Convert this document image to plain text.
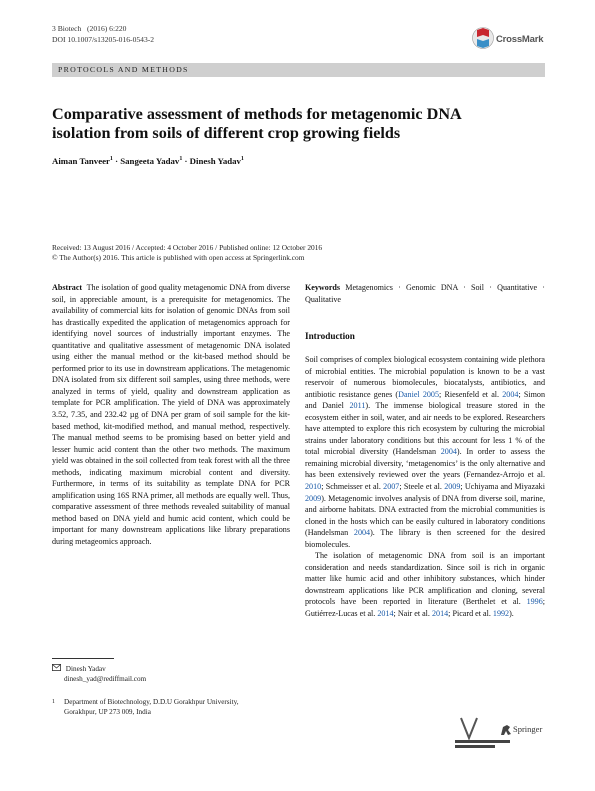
3 Biotech (2016) 6:220
DOI 10.1007/s13205-016-0543-2	CrossMark
PROTOCOLS AND METHODS
Comparative assessment of methods for metagenomic DNA
isolation from soils of different crop growing fields
Aiman Tanveer$^1$ · Sangeeta Yadav$^1$ · Dinesh Yadav$^1$
Received: 13 August 2016 / Accepted: 4 October 2016 / Published online: 12 October 2016
© The Author(s) 2016. This article is published with open access at Springerlink.com
Abstract The isolation of good quality metagenomic DNA from diverse soil, in appreciable amount, is a prerequisite for metagenomics. The availability of commercial kits for isolation of genomic DNAs from soil has drastically expedited the application of metagenomics approach for identifying novel sources of industrially important enzymes. The quantitative and qualitative assessment of metagenomic DNA isolated using either the manual method or the kit-based method should be performed prior to its use in downstream applications. The metagenomic DNA isolated from six different soil samples, using three methods, were analyzed in terms of yield, quality and downstream application as template for PCR amplification. The yield of DNA was approximately 3.52, 7.35, and 232.42 µg of DNA per gram of soil sample for the kit-based method, kit-modified method, and manual method, respectively. The manual method seems to be promising based on better yield and lesser humic acid content than the other two methods. The maximum yield was obtained in the soil collected from teak forest with all the three methods, indicating maximum microbial content and diversity. Furthermore, in terms of its suitability as template DNA for PCR amplification using 16S RNA primer, all methods are equally well. Thus, comparative assessment of three methods revealed suitability of manual method based on DNA yield and humic acid content, which could be important for many downstream applications like library preparations during metageomics approach.
Keywords Metagenomics · Genomic DNA · Soil · Quantitative · Qualitative
Introduction

Soil comprises of complex biological ecosystem containing wide plethora of microbial entities. The microbial population is known to be a vast reservoir of numerous biomolecules, biocatalysts, antibiotics, and antibiotic resistance genes (Daniel 2005; Riesenfeld et al. 2004; Simon and Daniel 2011). The immense biological treasure stored in the ecosystem either in soil, water, and air needs to be explored. Researchers have attempted to explore this rich ecosystem by culturing the microbial strains under laboratory conditions but this account for less 1 % of the total microbial diversity (Handelsman 2004). In order to assess the remaining microbial diversity, ‘metagenomics’ is the only alternative and has been extensively reviewed over the years (Fernandez-Arrojo et al. 2010; Schmeisser et al. 2007; Steele et al. 2009; Uchiyama and Miyazaki 2009). Metagenomic involves analysis of DNA from diverse soil, marine, and airborne habitats. DNA extracted from the microbial communities is cloned in the hosts which can be easily cultured in laboratory conditions (Handelsman 2004). The library is then screened for the desired biomolecules.

The isolation of metagenomic DNA from soil is an important consideration and needs standardization. Since soil is rich in organic matter like humic acid and other inhibitory substances, which hinder downstream applications like PCR amplification and cloning, several protocols have been reported in literature (Berthelet et al. 1996; Gutiérrez-Lucas et al. 2014; Nair et al. 2014; Picard et al. 1992).

Dinesh Yadav
dinesh_yad@rediffmail.com
$^1$ Department of Biotechnology, D.D.U Gorakhpur University,
Gorakhpur, UP 273 009, India
Springer
